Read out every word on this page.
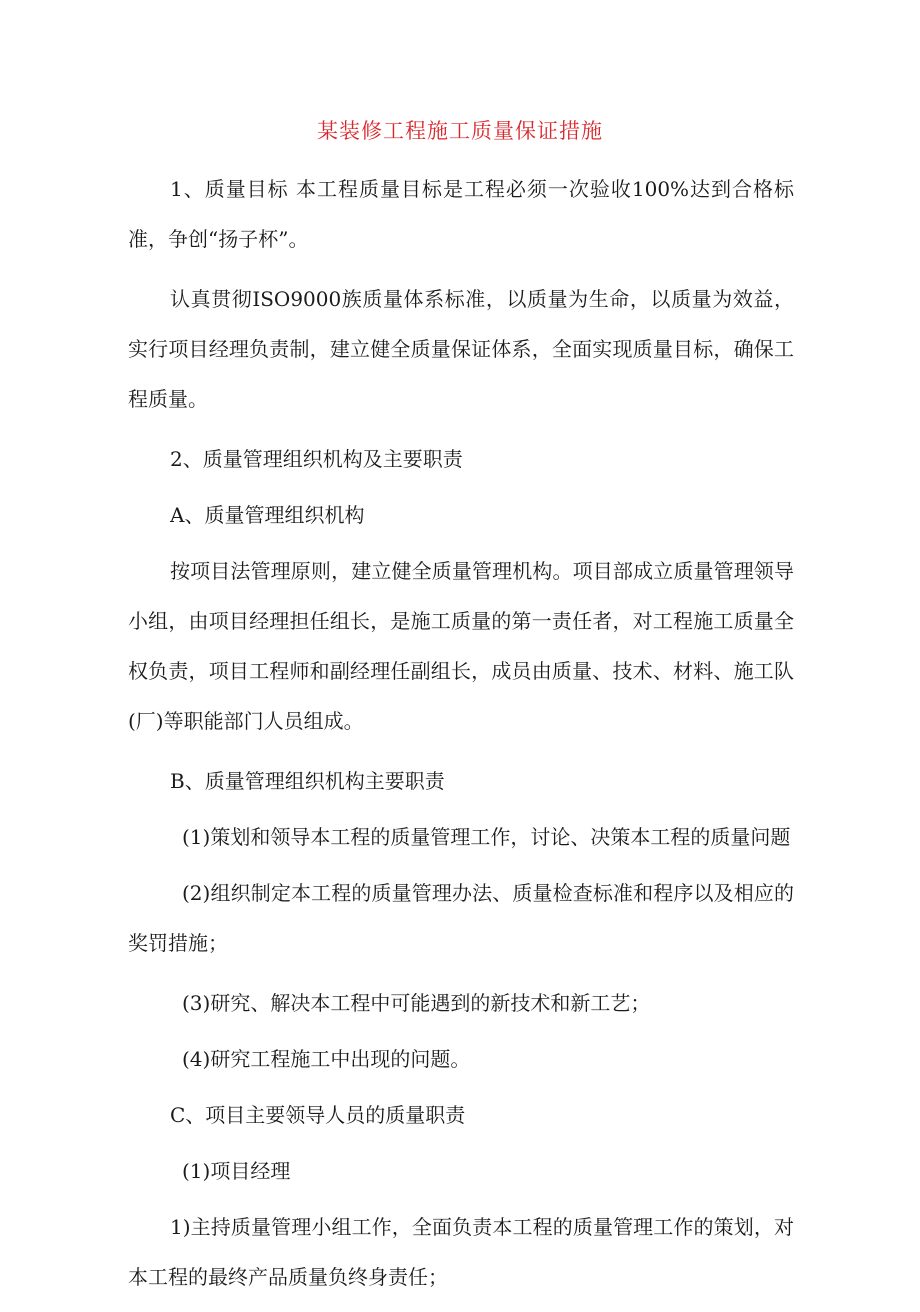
某装修工程施工质量保证措施

1、质量目标 本工程质量目标是工程必须一次验收100%达到合格标准，争创“扬子杯”。

认真贯彻ISO9000族质量体系标准，以质量为生命，以质量为效益，实行项目经理负责制，建立健全质量保证体系，全面实现质量目标，确保工程质量。

2、质量管理组织机构及主要职责

A、质量管理组织机构

按项目法管理原则，建立健全质量管理机构。项目部成立质量管理领导小组，由项目经理担任组长，是施工质量的第一责任者，对工程施工质量全权负责，项目工程师和副经理任副组长，成员由质量、技术、材料、施工队(厂)等职能部门人员组成。

B、质量管理组织机构主要职责

(1)策划和领导本工程的质量管理工作，讨论、决策本工程的质量问题

(2)组织制定本工程的质量管理办法、质量检查标准和程序以及相应的奖罚措施；

(3)研究、解决本工程中可能遇到的新技术和新工艺；

(4)研究工程施工中出现的问题。

C、项目主要领导人员的质量职责

(1)项目经理

1)主持质量管理小组工作，全面负责本工程的质量管理工作的策划，对本工程的最终产品质量负终身责任；
